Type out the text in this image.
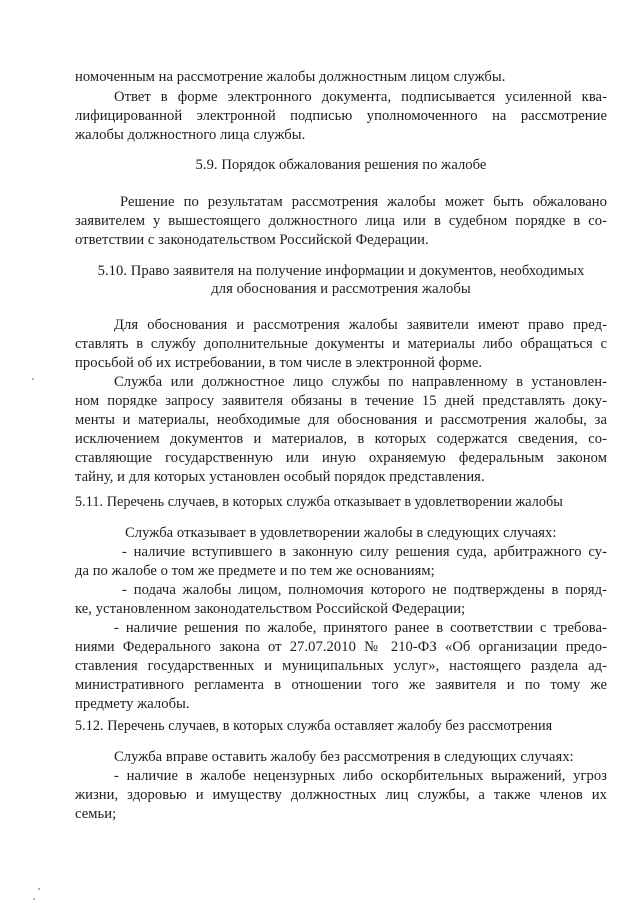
номоченным на рассмотрение жалобы должностным лицом службы.
Ответ в форме электронного документа, подписывается усиленной ква-
лифицированной электронной подписью уполномоченного на рассмотрение
жалобы должностного лица службы.
5.9. Порядок обжалования решения по жалобе
Решение по результатам рассмотрения жалобы может быть обжаловано
заявителем у вышестоящего должностного лица или в судебном порядке в со-
ответствии с законодательством Российской Федерации.
5.10. Право заявителя на получение информации и документов, необходимых
для обоснования и рассмотрения жалобы
Для обоснования и рассмотрения жалобы заявители имеют право пред-
ставлять в службу дополнительные документы и материалы либо обращаться с
просьбой об их истребовании, в том числе в электронной форме.
Служба или должностное лицо службы по направленному в установлен-
ном порядке запросу заявителя обязаны в течение 15 дней представлять доку-
менты и материалы, необходимые для обоснования и рассмотрения жалобы, за
исключением документов и материалов, в которых содержатся сведения, со-
ставляющие государственную или иную охраняемую федеральным законом
тайну, и для которых установлен особый порядок представления.
5.11. Перечень случаев, в которых служба отказывает в удовлетворении жалобы
Служба отказывает в удовлетворении жалобы в следующих случаях:
- наличие вступившего в законную силу решения суда, арбитражного су-
да по жалобе о том же предмете и по тем же основаниям;
- подача жалобы лицом, полномочия которого не подтверждены в поряд-
ке, установленном законодательством Российской Федерации;
- наличие решения по жалобе, принятого ранее в соответствии с требова-
ниями Федерального закона от 27.07.2010 № 210-ФЗ «Об организации предо-
ставления государственных и муниципальных услуг», настоящего раздела ад-
министративного регламента в отношении того же заявителя и по тому же
предмету жалобы.
5.12. Перечень случаев, в которых служба оставляет жалобу без рассмотрения
Служба вправе оставить жалобу без рассмотрения в следующих случаях:
- наличие в жалобе нецензурных либо оскорбительных выражений, угроз
жизни, здоровью и имуществу должностных лиц службы, а также членов их
семьи;
